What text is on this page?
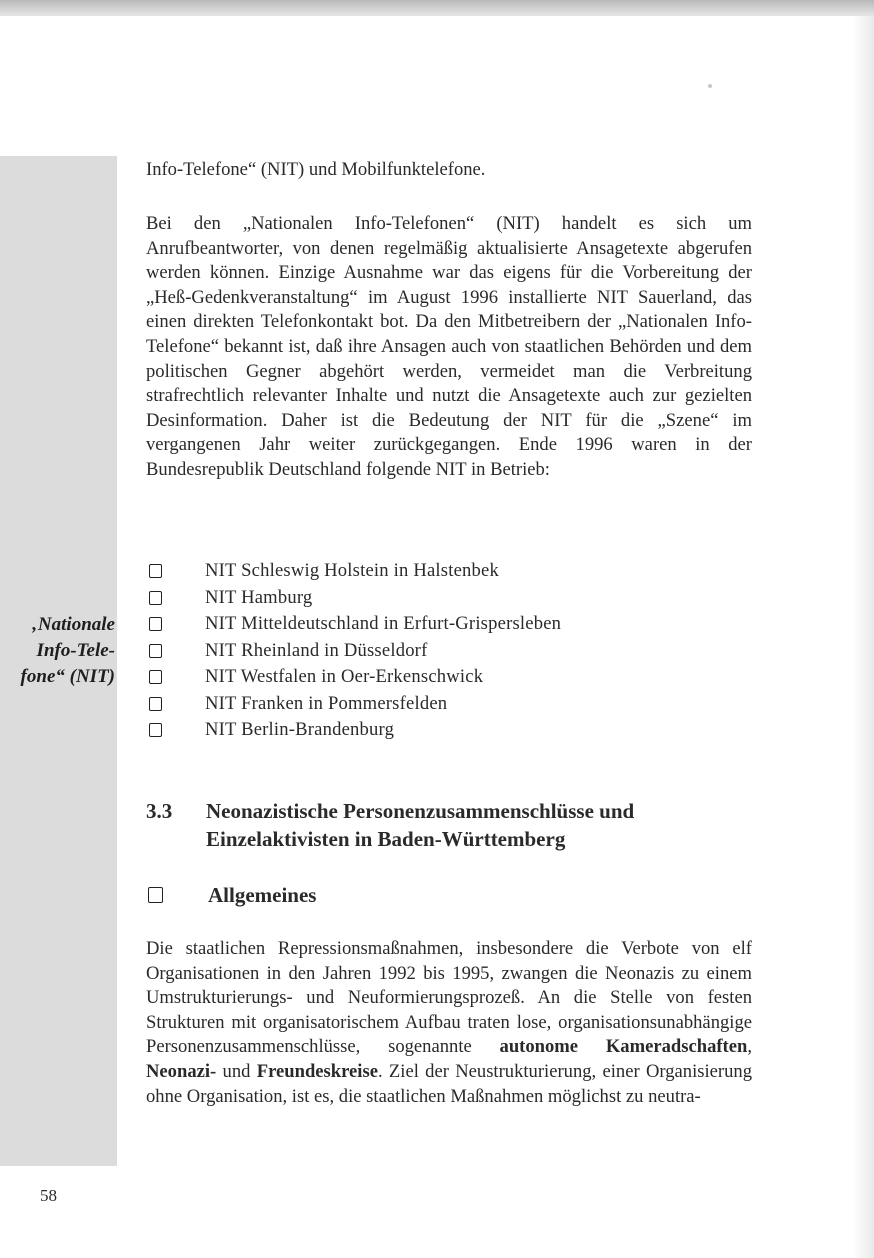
‚Nationale
Info-Tele-
fone“ (NIT)

Info-Telefone“ (NIT) und Mobilfunktelefone.

Bei den „Nationalen Info-Telefonen“ (NIT) handelt es sich um Anrufbeantworter, von denen regelmäßig aktualisierte Ansagetexte abgerufen werden können. Einzige Ausnahme war das eigens für die Vorbereitung der „Heß-Gedenkveranstaltung“ im August 1996 installierte NIT Sauerland, das einen direkten Telefonkontakt bot. Da den Mitbetreibern der „Nationalen Info-Telefone“ bekannt ist, daß ihre Ansagen auch von staatlichen Behörden und dem politischen Gegner abgehört werden, vermeidet man die Verbreitung strafrechtlich relevanter Inhalte und nutzt die Ansagetexte auch zur gezielten Desinformation. Daher ist die Bedeutung der NIT für die „Szene“ im vergangenen Jahr weiter zurückgegangen. Ende 1996 waren in der Bundesrepublik Deutschland folgende NIT in Betrieb:

NIT Schleswig Holstein in Halstenbek
NIT Hamburg
NIT Mitteldeutschland in Erfurt-Grispersleben
NIT Rheinland in Düsseldorf
NIT Westfalen in Oer-Erkenschwick
NIT Franken in Pommersfelden
NIT Berlin-Brandenburg
3.3	Neonazistische Personenzusammenschlüsse und Einzelaktivisten in Baden-Württemberg
Allgemeines

Die staatlichen Repressionsmaßnahmen, insbesondere die Verbote von elf Organisationen in den Jahren 1992 bis 1995, zwangen die Neonazis zu einem Umstrukturierungs- und Neuformierungsprozeß. An die Stelle von festen Strukturen mit organisatorischem Aufbau traten lose, organisationsunabhängige Personenzusammenschlüsse, sogenannte autonome Kameradschaften, Neonazi- und Freundeskreise. Ziel der Neustrukturierung, einer Organisierung ohne Organisation, ist es, die staatlichen Maßnahmen möglichst zu neutra-

58
